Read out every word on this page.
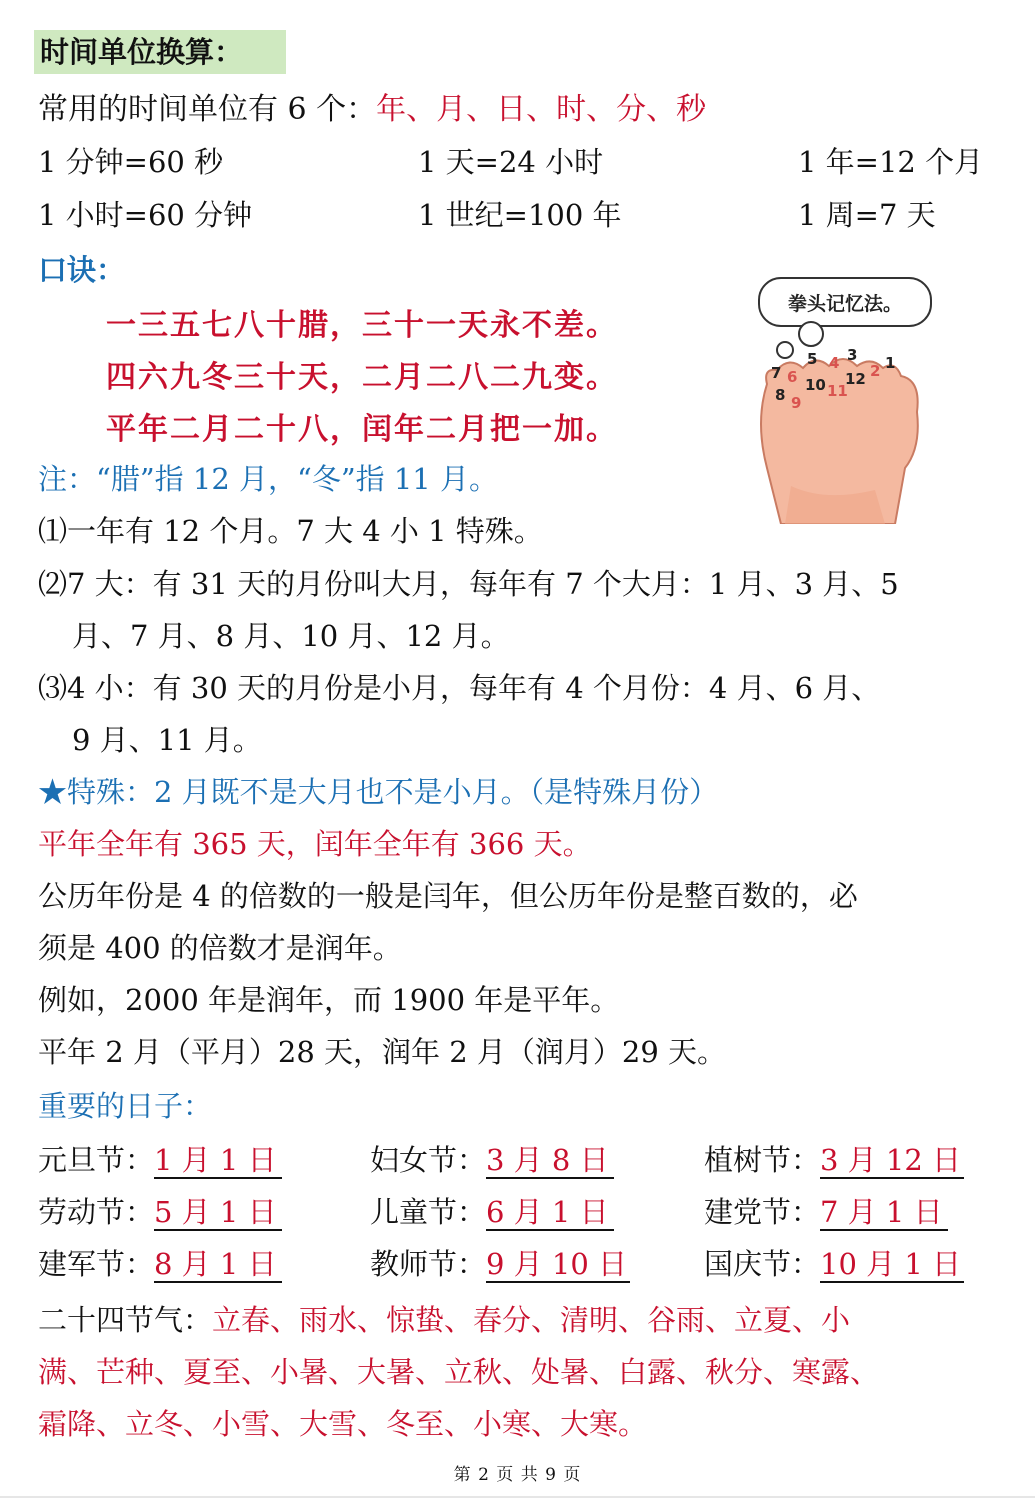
时间单位换算：
常用的时间单位有 6 个：年、月、日、时、分、秒
1 分钟=60 秒	1 天=24 小时	1 年=12 个月
1 小时=60 分钟	1 世纪=100 年	1 周=7 天
口诀：
一三五七八十腊，三十一天永不差。
四六九冬三十天，二月二八二九变。
平年二月二十八，闰年二月把一加。
注：“腊”指 12 月，“冬”指 11 月。
拳头记忆法。
1
2
3
4
5
6
7
8 9
10 11
12
⑴一年有 12 个月。7 大 4 小 1 特殊。
⑵7 大：有 31 天的月份叫大月，每年有 7 个大月：1 月、3 月、5
月、7 月、8 月、10 月、12 月。
⑶4 小：有 30 天的月份是小月，每年有 4 个月份：4 月、6 月、
9 月、11 月。
★特殊：2 月既不是大月也不是小月。（是特殊月份）
平年全年有 365 天，闰年全年有 366 天。
公历年份是 4 的倍数的一般是闫年，但公历年份是整百数的，必
须是 400 的倍数才是润年。
例如，2000 年是润年，而 1900 年是平年。
平年 2 月（平月）28 天，润年 2 月（润月）29 天。
重要的日子：
元旦节：1 月 1 日	妇女节：3 月 8 日	植树节：3 月 12 日
劳动节：5 月 1 日	儿童节：6 月 1 日	建党节：7 月 1 日
建军节：8 月 1 日	教师节：9 月 10 日	国庆节：10 月 1 日
二十四节气：立春、雨水、惊蛰、春分、清明、谷雨、立夏、小
满、芒种、夏至、小暑、大暑、立秋、处暑、白露、秋分、寒露、
霜降、立冬、小雪、大雪、冬至、小寒、大寒。
第 2 页 共 9 页
